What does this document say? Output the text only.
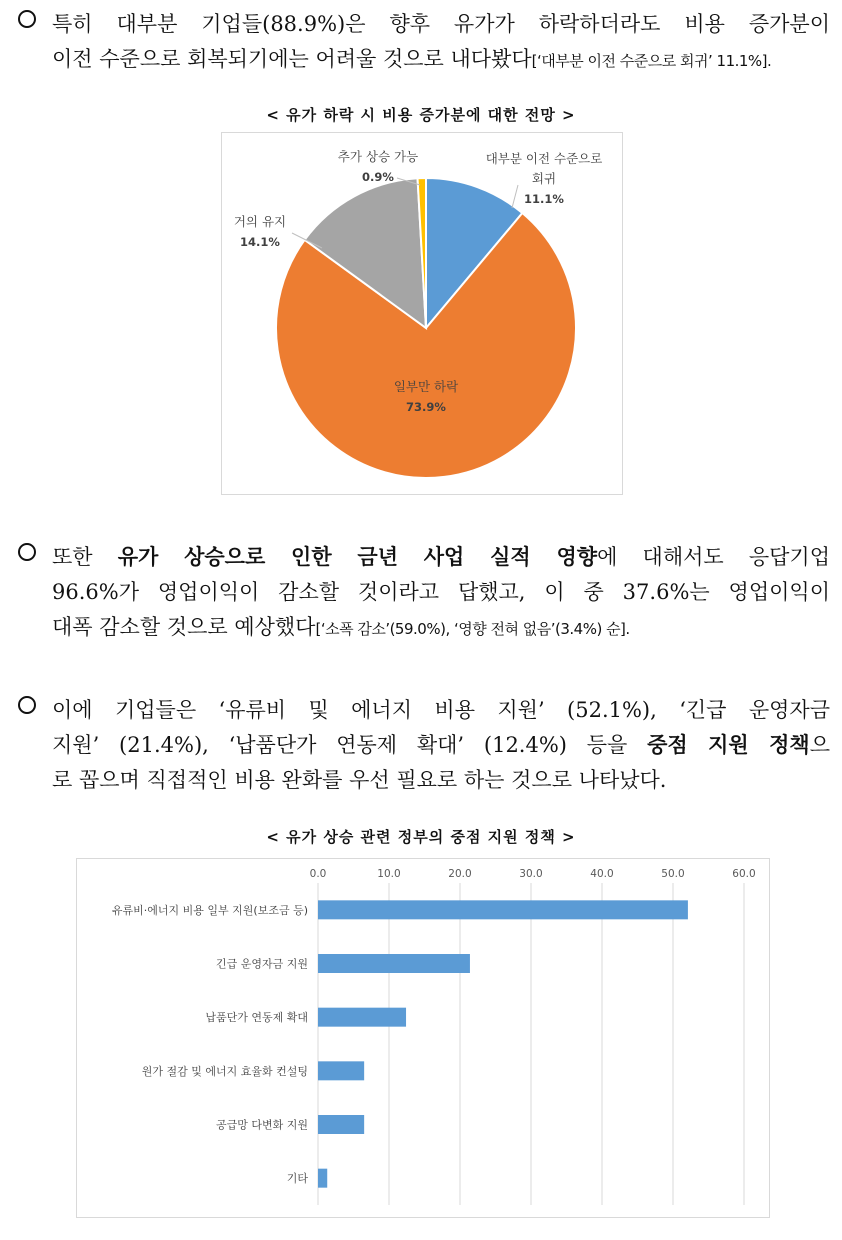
특히 대부분 기업들(88.9%)은 향후 유가가 하락하더라도 비용 증가분이
이전 수준으로 회복되기에는 어려울 것으로 내다봤다[‘대부분 이전 수준으로 회귀’ 11.1%].
< 유가 하락 시 비용 증가분에 대한 전망 >
대부분 이전 수준으로
회귀
11.1%
일부만 하락
73.9%
거의 유지
14.1%
추가 상승 가능
0.9%
또한 유가 상승으로 인한 금년 사업 실적 영향에 대해서도 응답기업
96.6%가 영업이익이 감소할 것이라고 답했고, 이 중 37.6%는 영업이익이
대폭 감소할 것으로 예상했다[‘소폭 감소’(59.0%), ‘영향 전혀 없음’(3.4%) 순].
이에 기업들은 ‘유류비 및 에너지 비용 지원’ (52.1%), ‘긴급 운영자금
지원’ (21.4%), ‘납품단가 연동제 확대’ (12.4%) 등을 중점 지원 정책으
로 꼽으며 직접적인 비용 완화를 우선 필요로 하는 것으로 나타났다.
< 유가 상승 관련 정부의 중점 지원 정책 >
0.0	10.0	20.0	30.0	40.0	50.0	60.0
유류비·에너지 비용 일부 지원(보조금 등)
긴급 운영자금 지원
납품단가 연동제 확대
원가 절감 및 에너지 효율화 컨설팅
공급망 다변화 지원
기타
